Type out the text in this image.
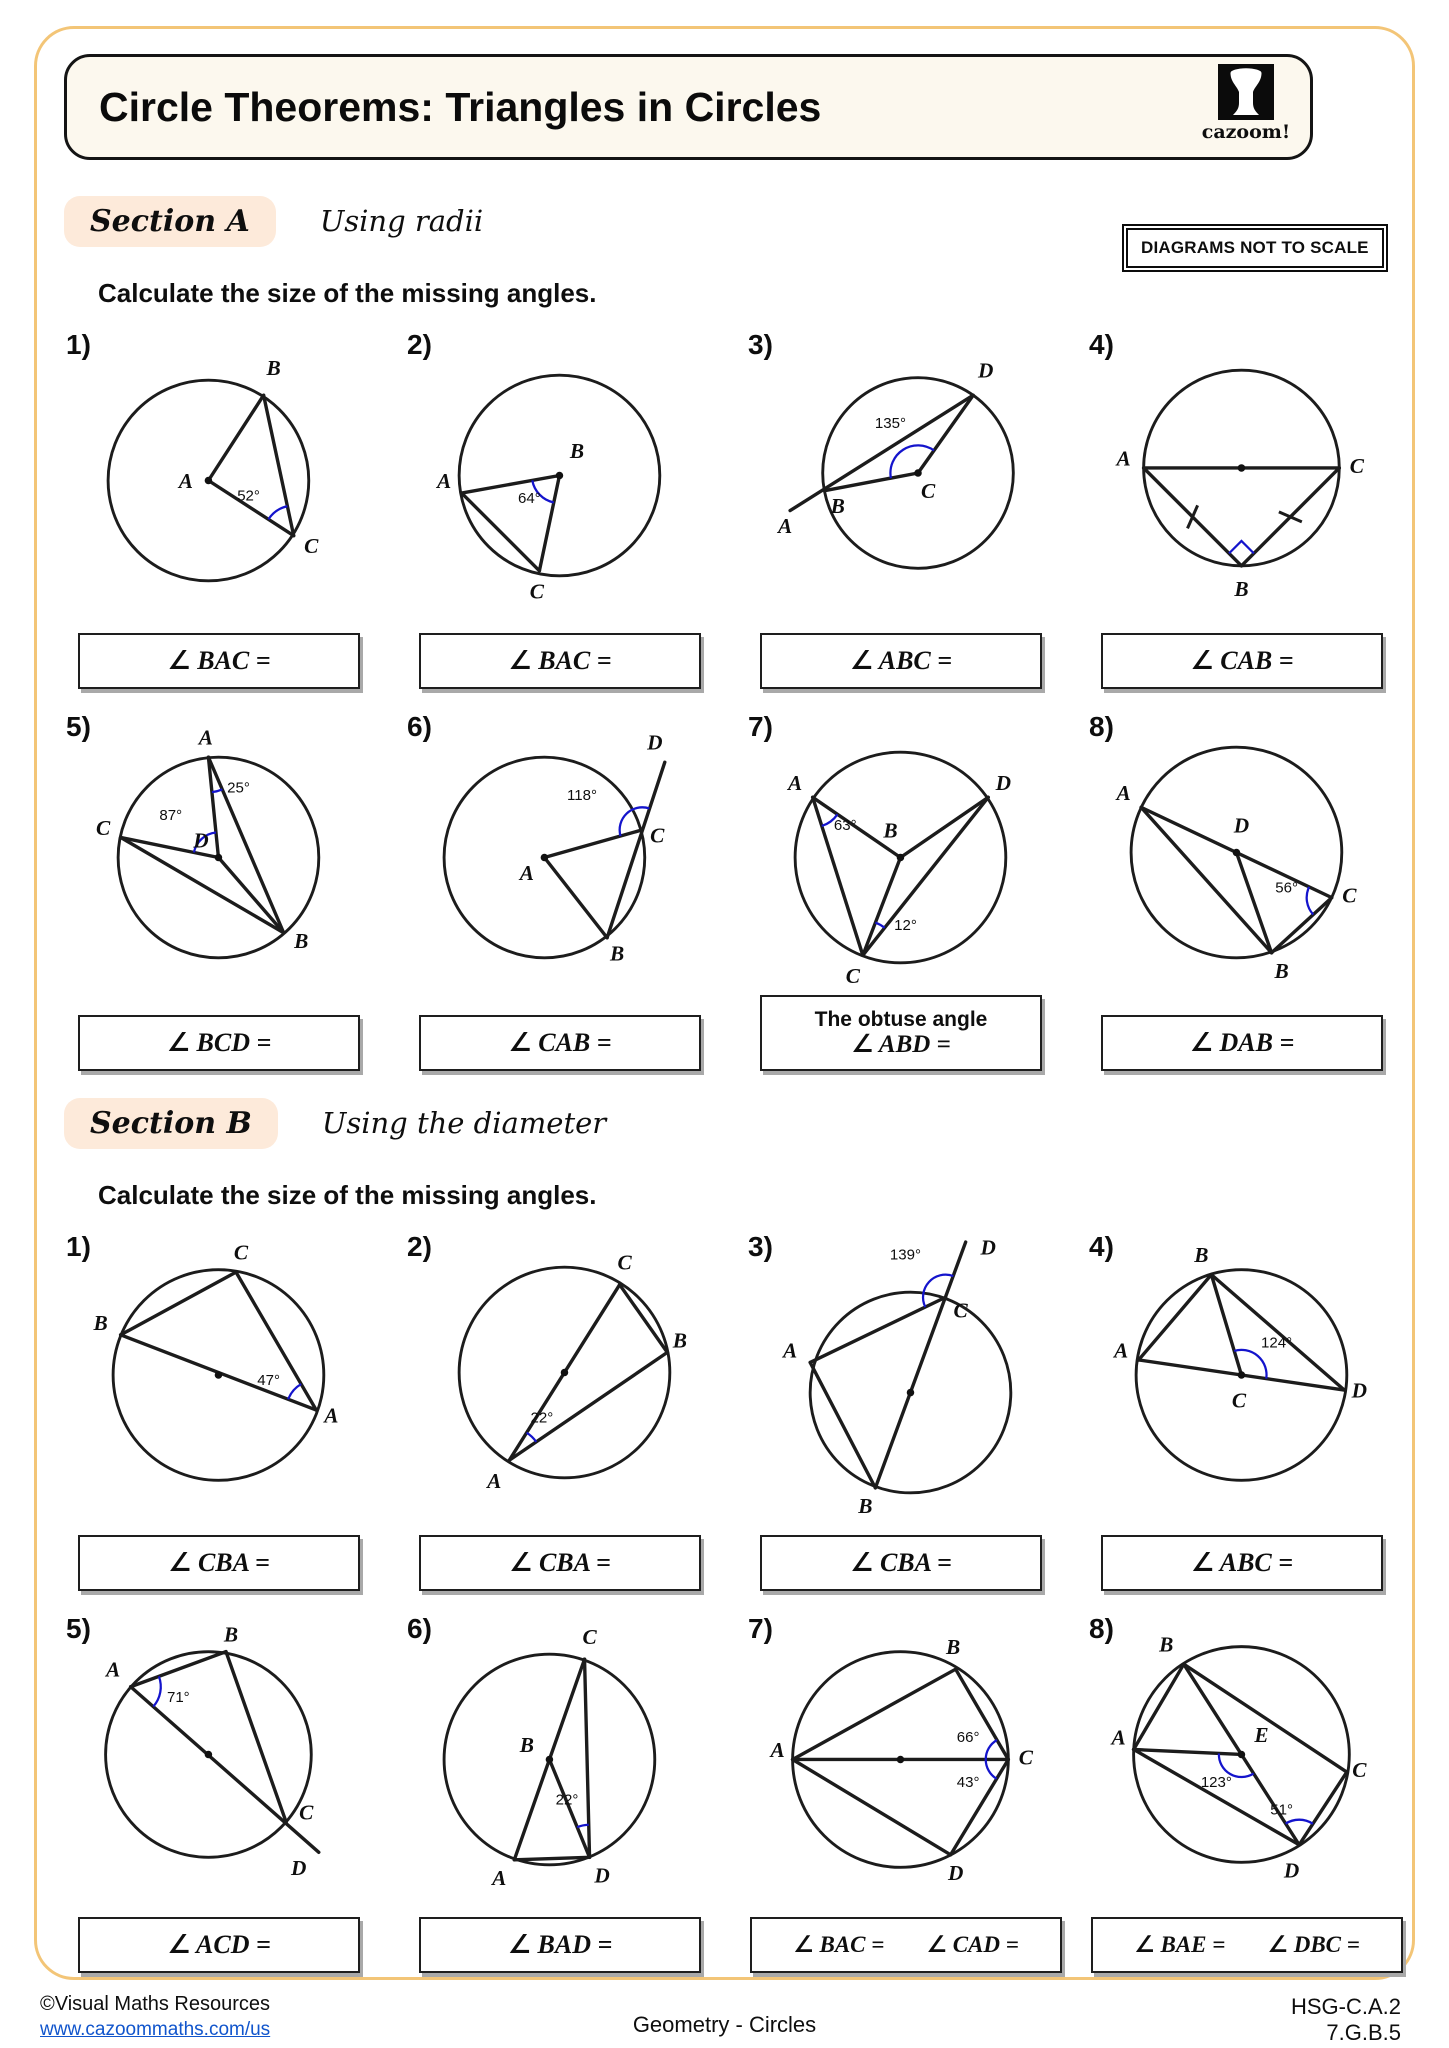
Circle Theorems: Triangles in Circles
cazoom!
DIAGRAMS NOT TO SCALE
Section A	Using radii
Calculate the size of the missing angles.
1)
A
B
C
52°
∠ BAC =
2)
A
B
C
64°
∠ BAC =
3)
A
B
C
D
135°
∠ ABC =
4)
A	C
B
∠ CAB =
5)	A
C
D
B
87°
25°
∠ BCD =
6)
A
B
C
D
118°
∠ CAB =
7)
A
B
D
C
63°
12°
The obtuse angle
∠ ABD =
8)
A
D
C
B
56°
∠ DAB =
Section B	Using the diameter
Calculate the size of the missing angles.
1)
B
C
A
47°
∠ CBA =
2)
A
C
B
22°
∠ CBA =
3)
A
B
C
D
139°
∠ CBA =
4)
A
B
C	D
124°
∠ ABC =
5)
A
B
C
D
71°
∠ ACD =
6)	C
B
A	D
22°
∠ BAD =
7)
A
B
C
D
66°
43°
∠ BAC = ∠ CAD =
8)
B
E
A
C
D
123°
51°
∠ BAE = ∠ DBC =
©Visual Maths Resources
www.cazoommaths.com/us	Geometry - Circles
HSG-C.A.2
7.G.B.5
